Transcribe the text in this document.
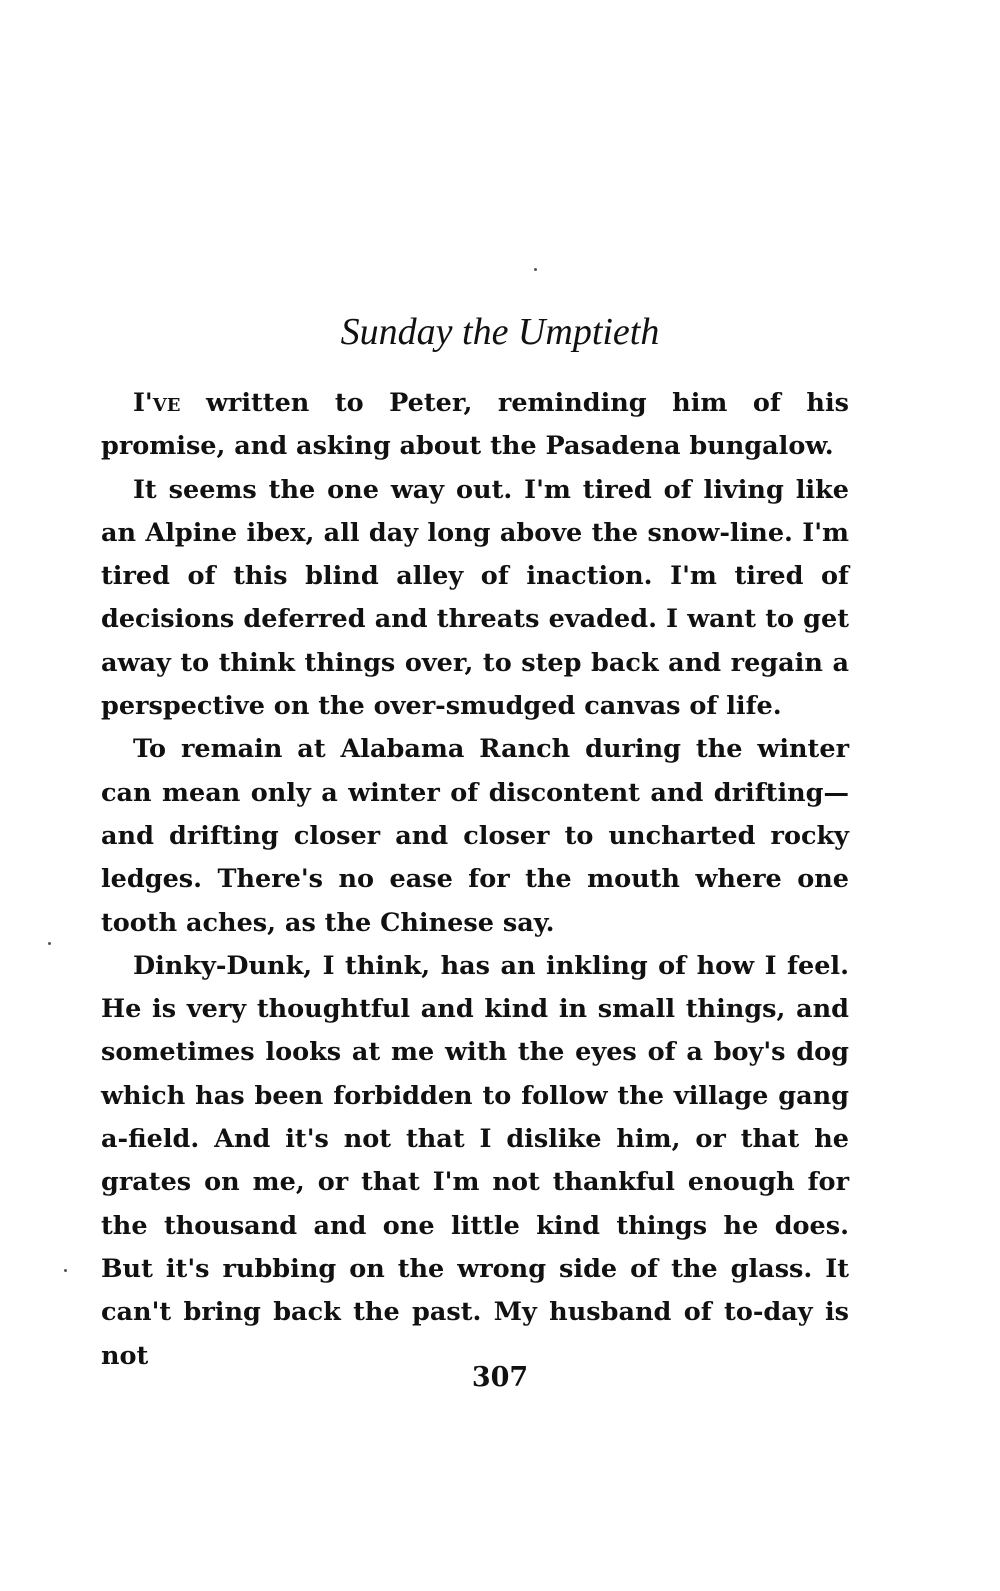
Sunday the Umptieth

I've written to Peter, reminding him of his promise, and asking about the Pasadena bungalow.

It seems the one way out. I'm tired of living like an Alpine ibex, all day long above the snow-line. I'm tired of this blind alley of inaction. I'm tired of decisions deferred and threats evaded. I want to get away to think things over, to step back and regain a perspective on the over-smudged canvas of life.

To remain at Alabama Ranch during the winter can mean only a winter of discontent and drifting—and drifting closer and closer to uncharted rocky ledges. There's no ease for the mouth where one tooth aches, as the Chinese say.

Dinky-Dunk, I think, has an inkling of how I feel. He is very thoughtful and kind in small things, and sometimes looks at me with the eyes of a boy's dog which has been forbidden to follow the village gang a-field. And it's not that I dislike him, or that he grates on me, or that I'm not thankful enough for the thousand and one little kind things he does. But it's rubbing on the wrong side of the glass. It can't bring back the past. My husband of to-day is not

307
